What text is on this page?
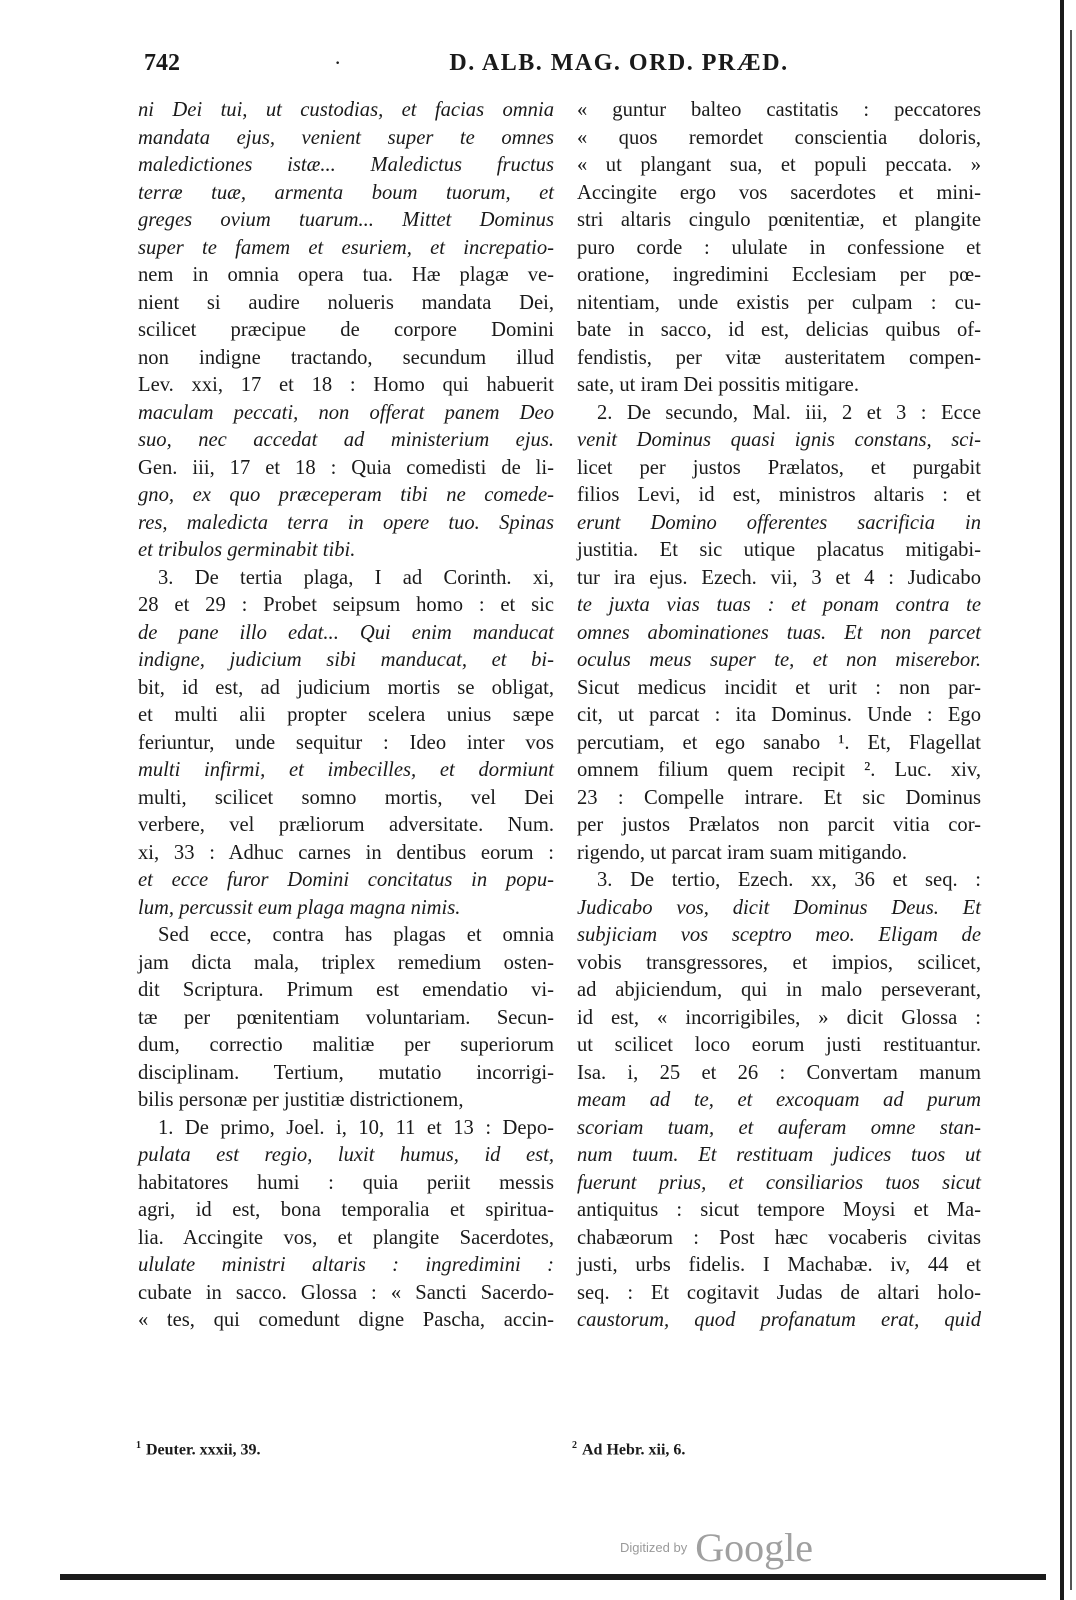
742	·	D. ALB. MAG. ORD. PRÆD.
ni Dei tui, ut custodias, et facias omnia
mandata ejus, venient super te omnes
maledictiones istæ... Maledictus fructus
terræ tuæ, armenta boum tuorum, et
greges ovium tuarum... Mittet Dominus
super te famem et esuriem, et increpatio-
nem in omnia opera tua. Hæ plagæ ve-
nient si audire nolueris mandata Dei,
scilicet præcipue de corpore Domini
non indigne tractando, secundum illud
Lev. xxi, 17 et 18 : Homo qui habuerit
maculam peccati, non offerat panem Deo
suo, nec accedat ad ministerium ejus.
Gen. iii, 17 et 18 : Quia comedisti de li-
gno, ex quo præceperam tibi ne comede-
res, maledicta terra in opere tuo. Spinas
et tribulos germinabit tibi.
3. De tertia plaga, I ad Corinth. xi,
28 et 29 : Probet seipsum homo : et sic
de pane illo edat... Qui enim manducat
indigne, judicium sibi manducat, et bi-
bit, id est, ad judicium mortis se obligat,
et multi alii propter scelera unius sæpe
feriuntur, unde sequitur : Ideo inter vos
multi infirmi, et imbecilles, et dormiunt
multi, scilicet somno mortis, vel Dei
verbere, vel præliorum adversitate. Num.
xi, 33 : Adhuc carnes in dentibus eorum :
et ecce furor Domini concitatus in popu-
lum, percussit eum plaga magna nimis.
Sed ecce, contra has plagas et omnia
jam dicta mala, triplex remedium osten-
dit Scriptura. Primum est emendatio vi-
tæ per pœnitentiam voluntariam. Secun-
dum, correctio malitiæ per superiorum
disciplinam. Tertium, mutatio incorrigi-
bilis personæ per justitiæ districtionem,
1. De primo, Joel. i, 10, 11 et 13 : Depo-
pulata est regio, luxit humus, id est,
habitatores humi : quia periit messis
agri, id est, bona temporalia et spiritua-
lia. Accingite vos, et plangite Sacerdotes,
ululate ministri altaris : ingredimini :
cubate in sacco. Glossa : « Sancti Sacerdo-
« tes, qui comedunt digne Pascha, accin-
« guntur balteo castitatis : peccatores
« quos remordet conscientia doloris,
« ut plangant sua, et populi peccata. »
Accingite ergo vos sacerdotes et mini-
stri altaris cingulo pœnitentiæ, et plangite
puro corde : ululate in confessione et
oratione, ingredimini Ecclesiam per pœ-
nitentiam, unde existis per culpam : cu-
bate in sacco, id est, delicias quibus of-
fendistis, per vitæ austeritatem compen-
sate, ut iram Dei possitis mitigare.
2. De secundo, Mal. iii, 2 et 3 : Ecce
venit Dominus quasi ignis constans, sci-
licet per justos Prælatos, et purgabit
filios Levi, id est, ministros altaris : et
erunt Domino offerentes sacrificia in
justitia. Et sic utique placatus mitigabi-
tur ira ejus. Ezech. vii, 3 et 4 : Judicabo
te juxta vias tuas : et ponam contra te
omnes abominationes tuas. Et non parcet
oculus meus super te, et non miserebor.
Sicut medicus incidit et urit : non par-
cit, ut parcat : ita Dominus. Unde : Ego
percutiam, et ego sanabo ¹. Et, Flagellat
omnem filium quem recipit ². Luc. xiv,
23 : Compelle intrare. Et sic Dominus
per justos Prælatos non parcit vitia cor-
rigendo, ut parcat iram suam mitigando.
3. De tertio, Ezech. xx, 36 et seq. :
Judicabo vos, dicit Dominus Deus. Et
subjiciam vos sceptro meo. Eligam de
vobis transgressores, et impios, scilicet,
ad abjiciendum, qui in malo perseverant,
id est, « incorrigibiles, » dicit Glossa :
ut scilicet loco eorum justi restituantur.
Isa. i, 25 et 26 : Convertam manum
meam ad te, et excoquam ad purum
scoriam tuam, et auferam omne stan-
num tuum. Et restituam judices tuos ut
fuerunt prius, et consiliarios tuos sicut
antiquitus : sicut tempore Moysi et Ma-
chabæorum : Post hæc vocaberis civitas
justi, urbs fidelis. I Machabæ. iv, 44 et
seq. : Et cogitavit Judas de altari holo-
caustorum, quod profanatum erat, quid
$^1$ Deuter. xxxii, 39.	$^2$ Ad Hebr. xii, 6.
Digitized by Google
